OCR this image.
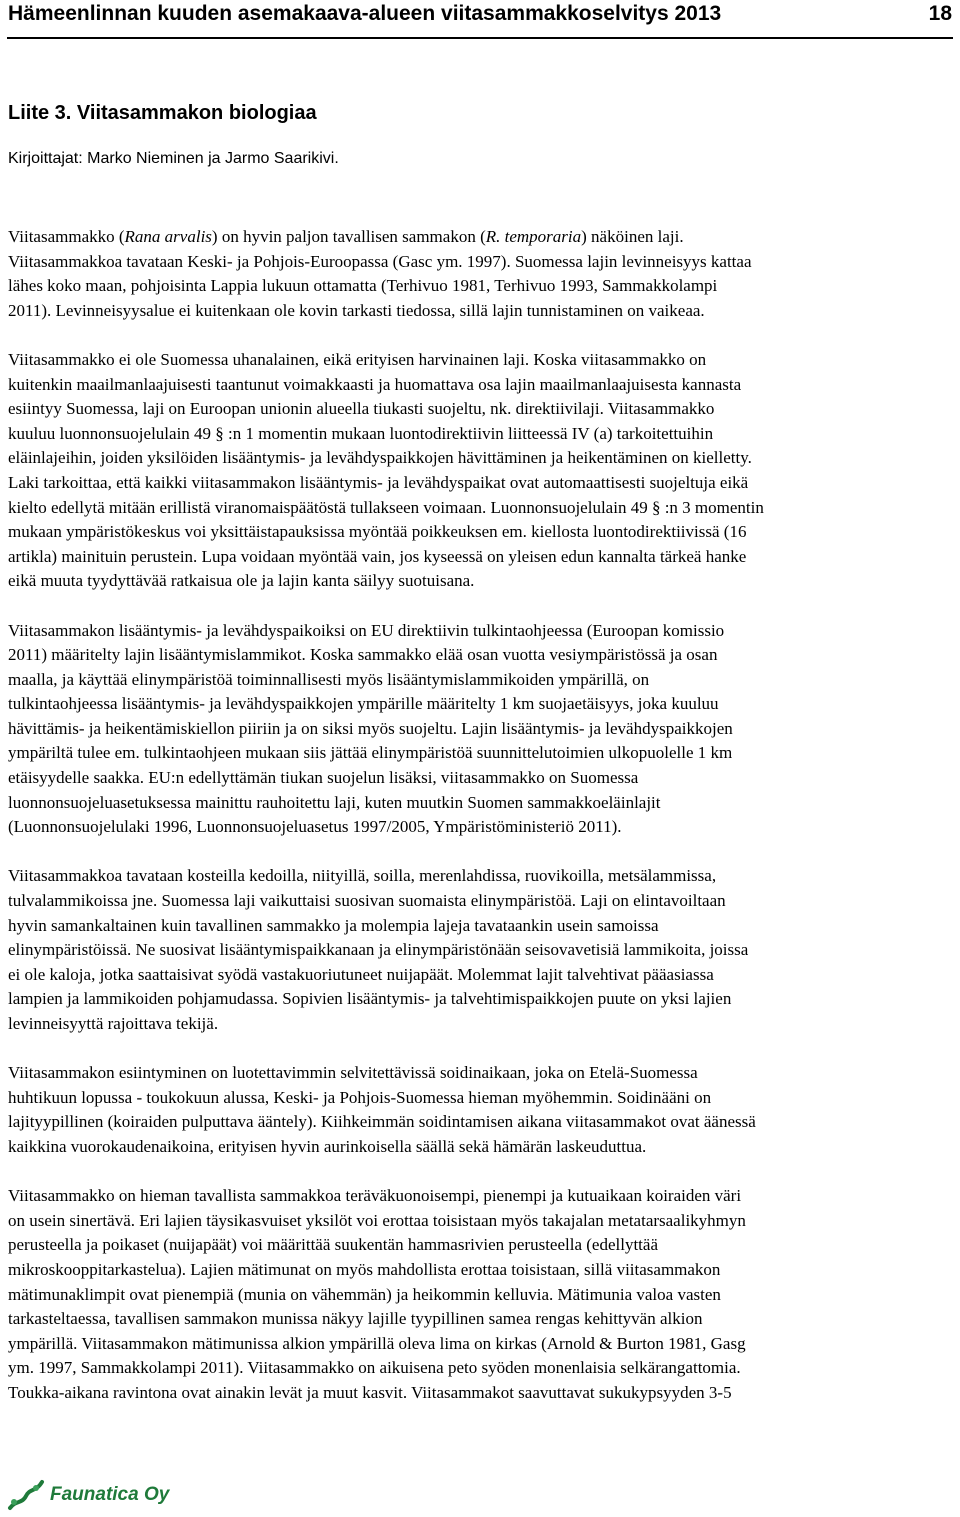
Hämeenlinnan kuuden asemakaava-alueen viitasammakkoselvitys 2013	18
Liite 3. Viitasammakon biologiaa

Kirjoittajat: Marko Nieminen ja Jarmo Saarikivi.

Viitasammakko (Rana arvalis) on hyvin paljon tavallisen sammakon (R. temporaria) näköinen laji.
Viitasammakkoa tavataan Keski- ja Pohjois-Euroopassa (Gasc ym. 1997). Suomessa lajin levinneisyys kattaa
lähes koko maan, pohjoisinta Lappia lukuun ottamatta (Terhivuo 1981, Terhivuo 1993, Sammakkolampi
2011). Levinneisyysalue ei kuitenkaan ole kovin tarkasti tiedossa, sillä lajin tunnistaminen on vaikeaa.

Viitasammakko ei ole Suomessa uhanalainen, eikä erityisen harvinainen laji. Koska viitasammakko on
kuitenkin maailmanlaajuisesti taantunut voimakkaasti ja huomattava osa lajin maailmanlaajuisesta kannasta
esiintyy Suomessa, laji on Euroopan unionin alueella tiukasti suojeltu, nk. direktiivilaji. Viitasammakko
kuuluu luonnonsuojelulain 49 § :n 1 momentin mukaan luontodirektiivin liitteessä IV (a) tarkoitettuihin
eläinlajeihin, joiden yksilöiden lisääntymis- ja levähdyspaikkojen hävittäminen ja heikentäminen on kielletty.
Laki tarkoittaa, että kaikki viitasammakon lisääntymis- ja levähdyspaikat ovat automaattisesti suojeltuja eikä
kielto edellytä mitään erillistä viranomaispäätöstä tullakseen voimaan. Luonnonsuojelulain 49 § :n 3 momentin
mukaan ympäristökeskus voi yksittäistapauksissa myöntää poikkeuksen em. kiellosta luontodirektiivissä (16
artikla) mainituin perustein. Lupa voidaan myöntää vain, jos kyseessä on yleisen edun kannalta tärkeä hanke
eikä muuta tyydyttävää ratkaisua ole ja lajin kanta säilyy suotuisana.

Viitasammakon lisääntymis- ja levähdyspaikoiksi on EU direktiivin tulkintaohjeessa (Euroopan komissio
2011) määritelty lajin lisääntymislammikot. Koska sammakko elää osan vuotta vesiympäristössä ja osan
maalla, ja käyttää elinympäristöä toiminnallisesti myös lisääntymislammikoiden ympärillä, on
tulkintaohjeessa lisääntymis- ja levähdyspaikkojen ympärille määritelty 1 km suojaetäisyys, joka kuuluu
hävittämis- ja heikentämiskiellon piiriin ja on siksi myös suojeltu. Lajin lisääntymis- ja levähdyspaikkojen
ympäriltä tulee em. tulkintaohjeen mukaan siis jättää elinympäristöä suunnittelutoimien ulkopuolelle 1 km
etäisyydelle saakka. EU:n edellyttämän tiukan suojelun lisäksi, viitasammakko on Suomessa
luonnonsuojeluasetuksessa mainittu rauhoitettu laji, kuten muutkin Suomen sammakkoeläinlajit
(Luonnonsuojelulaki 1996, Luonnonsuojeluasetus 1997/2005, Ympäristöministeriö 2011).

Viitasammakkoa tavataan kosteilla kedoilla, niityillä, soilla, merenlahdissa, ruovikoilla, metsälammissa,
tulvalammikoissa jne. Suomessa laji vaikuttaisi suosivan suomaista elinympäristöä. Laji on elintavoiltaan
hyvin samankaltainen kuin tavallinen sammakko ja molempia lajeja tavataankin usein samoissa
elinympäristöissä. Ne suosivat lisääntymispaikkanaan ja elinympäristönään seisovavetisiä lammikoita, joissa
ei ole kaloja, jotka saattaisivat syödä vastakuoriutuneet nuijapäät. Molemmat lajit talvehtivat pääasiassa
lampien ja lammikoiden pohjamudassa. Sopivien lisääntymis- ja talvehtimispaikkojen puute on yksi lajien
levinneisyyttä rajoittava tekijä.

Viitasammakon esiintyminen on luotettavimmin selvitettävissä soidinaikaan, joka on Etelä-Suomessa
huhtikuun lopussa - toukokuun alussa, Keski- ja Pohjois-Suomessa hieman myöhemmin. Soidinääni on
lajityypillinen (koiraiden pulputtava ääntely). Kiihkeimmän soidintamisen aikana viitasammakot ovat äänessä
kaikkina vuorokaudenaikoina, erityisen hyvin aurinkoisella säällä sekä hämärän laskeuduttua.

Viitasammakko on hieman tavallista sammakkoa teräväkuonoisempi, pienempi ja kutuaikaan koiraiden väri
on usein sinertävä. Eri lajien täysikasvuiset yksilöt voi erottaa toisistaan myös takajalan metatarsaalikyhmyn
perusteella ja poikaset (nuijapäät) voi määrittää suukentän hammasrivien perusteella (edellyttää
mikroskooppitarkastelua). Lajien mätimunat on myös mahdollista erottaa toisistaan, sillä viitasammakon
mätimunaklimpit ovat pienempiä (munia on vähemmän) ja heikommin kelluvia. Mätimunia valoa vasten
tarkasteltaessa, tavallisen sammakon munissa näkyy lajille tyypillinen samea rengas kehittyvän alkion
ympärillä. Viitasammakon mätimunissa alkion ympärillä oleva lima on kirkas (Arnold & Burton 1981, Gasg
ym. 1997, Sammakkolampi 2011). Viitasammakko on aikuisena peto syöden monenlaisia selkärangattomia.
Toukka-aikana ravintona ovat ainakin levät ja muut kasvit. Viitasammakot saavuttavat sukukypsyyden 3-5

Faunatica Oy
